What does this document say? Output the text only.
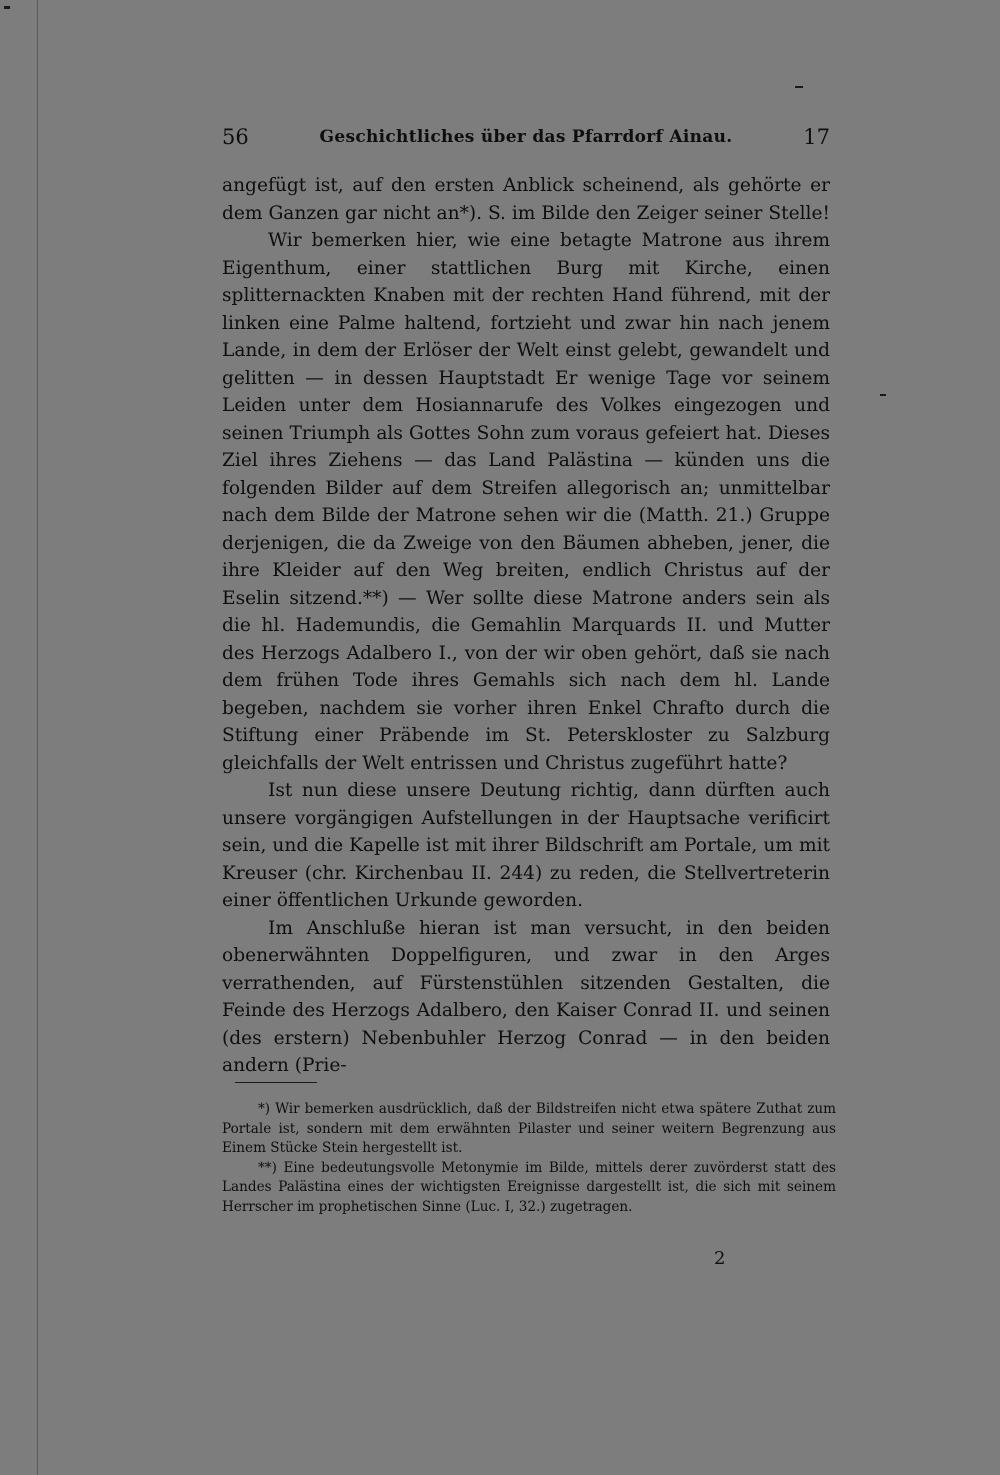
56	Geschichtliches über das Pfarrdorf Ainau.	17

angefügt ist, auf den ersten Anblick scheinend, als gehörte er dem Ganzen gar nicht an*). S. im Bilde den Zeiger seiner Stelle!

Wir bemerken hier, wie eine betagte Matrone aus ihrem Eigenthum, einer stattlichen Burg mit Kirche, einen splitternackten Knaben mit der rechten Hand führend, mit der linken eine Palme haltend, fortzieht und zwar hin nach jenem Lande, in dem der Erlöser der Welt einst gelebt, gewandelt und gelitten — in dessen Hauptstadt Er wenige Tage vor seinem Leiden unter dem Hosiannarufe des Volkes eingezogen und seinen Triumph als Gottes Sohn zum voraus gefeiert hat. Dieses Ziel ihres Ziehens — das Land Palästina — künden uns die folgenden Bilder auf dem Streifen allegorisch an; unmittelbar nach dem Bilde der Matrone sehen wir die (Matth. 21.) Gruppe derjenigen, die da Zweige von den Bäumen abheben, jener, die ihre Kleider auf den Weg breiten, endlich Christus auf der Eselin sitzend.**) — Wer sollte diese Matrone anders sein als die hl. Hademundis, die Gemahlin Marquards II. und Mutter des Herzogs Adalbero I., von der wir oben gehört, daß sie nach dem frühen Tode ihres Gemahls sich nach dem hl. Lande begeben, nachdem sie vorher ihren Enkel Chrafto durch die Stiftung einer Präbende im St. Peterskloster zu Salzburg gleichfalls der Welt entrissen und Christus zugeführt hatte?

Ist nun diese unsere Deutung richtig, dann dürften auch unsere vorgängigen Aufstellungen in der Hauptsache verificirt sein, und die Kapelle ist mit ihrer Bildschrift am Portale, um mit Kreuser (chr. Kirchenbau II. 244) zu reden, die Stellvertreterin einer öffentlichen Urkunde geworden.

Im Anschluße hieran ist man versucht, in den beiden obenerwähnten Doppelfiguren, und zwar in den Arges verrathenden, auf Fürstenstühlen sitzenden Gestalten, die Feinde des Herzogs Adalbero, den Kaiser Conrad II. und seinen (des erstern) Nebenbuhler Herzog Conrad — in den beiden andern (Prie-

*) Wir bemerken ausdrücklich, daß der Bildstreifen nicht etwa spätere Zuthat zum Portale ist, sondern mit dem erwähnten Pilaster und seiner weitern Begrenzung aus Einem Stücke Stein hergestellt ist.

**) Eine bedeutungsvolle Metonymie im Bilde, mittels derer zuvörderst statt des Landes Palästina eines der wichtigsten Ereignisse dargestellt ist, die sich mit seinem Herrscher im prophetischen Sinne (Luc. I, 32.) zugetragen.

2
